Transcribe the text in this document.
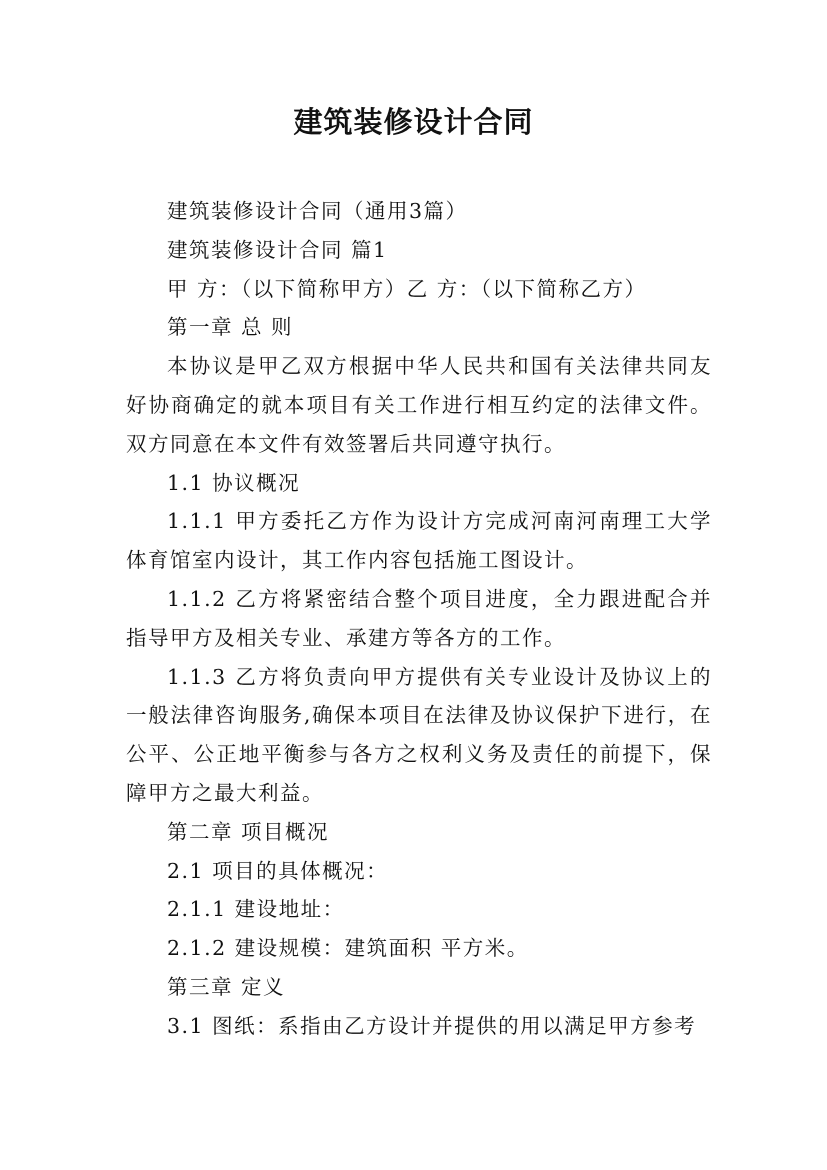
建筑装修设计合同

建筑装修设计合同（通用3篇）

建筑装修设计合同 篇1

甲 方：（以下简称甲方）乙 方：（以下简称乙方）

第一章 总 则

本协议是甲乙双方根据中华人民共和国有关法律共同友好协商确定的就本项目有关工作进行相互约定的法律文件。双方同意在本文件有效签署后共同遵守执行。

1.1 协议概况

1.1.1 甲方委托乙方作为设计方完成河南河南理工大学体育馆室内设计，其工作内容包括施工图设计。

1.1.2 乙方将紧密结合整个项目进度，全力跟进配合并指导甲方及相关专业、承建方等各方的工作。

1.1.3 乙方将负责向甲方提供有关专业设计及协议上的一般法律咨询服务,确保本项目在法律及协议保护下进行，在公平、公正地平衡参与各方之权利义务及责任的前提下，保障甲方之最大利益。

第二章 项目概况

2.1 项目的具体概况：

2.1.1 建设地址：

2.1.2 建设规模：建筑面积 平方米。

第三章 定义

3.1 图纸：系指由乙方设计并提供的用以满足甲方参考
